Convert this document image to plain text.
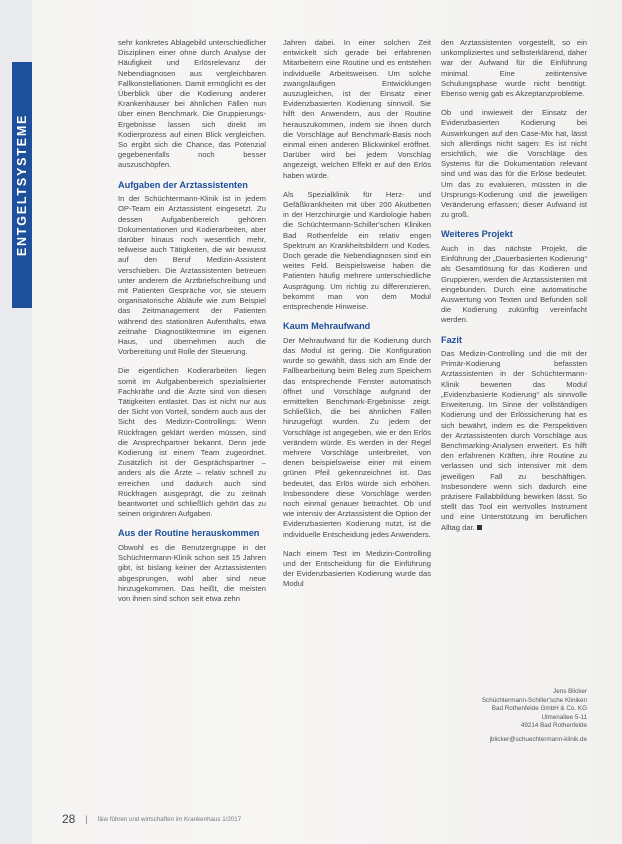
ENTGELTSYSTEME

sehr konkretes Ablagebild unterschiedlicher Disziplinen einer ohne durch Analyse der Häufigkeit und Erlösrelevanz der Nebendiagnosen aus vergleichbaren Fallkonstellationen. Damit ermöglicht es der Überblick über die Kodierung anderer Krankenhäuser bei ähnlichen Fällen nun über einen Benchmark. Die Gruppierungs-Ergebnisse lassen sich direkt im Kodierprozess auf einen Blick vergleichen. So ergibt sich die Chance, das Potenzial gegebenenfalls noch besser auszuschöpfen.

Aufgaben der Arztassistenten

In der Schüchtermann-Klinik ist in jedem OP-Team ein Arztassistent eingesetzt. Zu dessen Aufgabenbereich gehören Dokumentationen und Kodierarbeiten, aber darüber hinaus noch wesentlich mehr, teilweise auch Tätigkeiten, die wir bewusst auf den Beruf Medizin-Assistent verschieben. Die Arztassistenten betreuen unter anderem die Arztbriefschreibung und mit Patienten Gespräche vor, sie steuern organisatorische Abläufe wie zum Beispiel das Zeitmanagement der Patienten während des stationären Aufenthalts, etwa zeitnahe Diagnostiktermine im eigenen Haus, und übernehmen auch die Vorbereitung und Rolle der Steuerung.

Die eigentlichen Kodierarbeiten liegen somit im Aufgabenbereich spezialisierter Fachkräfte und die Ärzte sind von diesen Tätigkeiten entlastet. Das ist nicht nur aus der Sicht von Vorteil, sondern auch aus der Sicht des Medizin-Controllings: Wenn Rückfragen geklärt werden müssen, sind die Ansprechpartner bekannt. Denn jede Kodierung ist einem Team zugeordnet. Zusätzlich ist der Gesprächspartner – anders als die Ärzte – relativ schnell zu erreichen und dadurch auch sind Rückfragen ausgeprägt, die zu zeitnah beantwortet und schließlich gehört das zu seinen originären Aufgaben.

Aus der Routine herauskommen

Obwohl es die Benutzergruppe in der Schüchtermann-Klinik schon seit 15 Jahren gibt, ist bislang keiner der Arztassistenten abgesprungen, wohl aber sind neue hinzugekommen. Das heißt, die meisten von ihnen sind schon seit etwa zehn

Jahren dabei. In einer solchen Zeit entwickelt sich gerade bei erfahrenen Mitarbeitern eine Routine und es entstehen individuelle Arbeitsweisen. Um solche zwangsläufigen Entwicklungen auszugleichen, ist der Einsatz einer Evidenzbasierten Kodierung sinnvoll. Sie hilft den Anwendern, aus der Routine herauszukommen, indem sie ihnen durch die Vorschläge auf Benchmark-Basis noch einmal einen anderen Blickwinkel eröffnet. Darüber wird bei jedem Vorschlag angezeigt, welchen Effekt er auf den Erlös haben würde.

Als Spezialklinik für Herz- und Gefäßkrankheiten mit über 200 Akutbetten in der Herzchirurgie und Kardiologie haben die Schüchtermann-Schiller'schen Kliniken Bad Rothenfelde ein relativ engen Spektrum an Krankheitsbildern und Kodes. Doch gerade die Nebendiagnosen sind ein weites Feld. Beispielsweise haben die Patienten häufig mehrere unterschiedliche Ausprägung. Um richtig zu differenzieren, bekommt man von dem Modul entsprechende Hinweise.

Kaum Mehraufwand

Der Mehraufwand für die Kodierung durch das Modul ist gering. Die Konfiguration wurde so gewählt, dass sich am Ende der Fallbearbeitung beim Beleg zum Speichern das entsprechende Fenster automatisch öffnet und Vorschläge aufgrund der ermittelten Benchmark-Ergebnisse zeigt. Schließlich, die bei ähnlichen Fällen hinzugefügt wurden. Zu jedem der Vorschläge ist angegeben, wie er den Erlös verändern würde. Es werden in der Regel mehrere Vorschläge unterbreitet, von denen beispielsweise einer mit einem grünen Pfeil gekennzeichnet ist. Das bedeutet, das Erlös würde sich erhöhen. Insbesondere diese Vorschläge werden noch einmal genauer betrachtet. Ob und wie intensiv der Arztassistent die Option der Evidenzbasierten Kodierung nutzt, ist die individuelle Entscheidung jedes Anwenders.

Nach einem Test im Medizin-Controlling und der Entscheidung für die Einführung der Evidenzbasierten Kodierung wurde das Modul

den Arztassistenten vorgestellt, so ein unkompliziertes und selbsterklärend, daher war der Aufwand für die Einführung minimal. Eine zeitintensive Schulungsphase wurde nicht benötigt. Ebenso wenig gab es Akzeptanzprobleme.

Ob und inwieweit der Einsatz der Evidenzbasierten Kodierung bei Auswirkungen auf den Case-Mix hat, lässt sich allerdings nicht sagen: Es ist nicht ersichtlich, wie die Vorschläge des Systems für die Dokumentation relevant sind und was das für die Erlöse bedeutet. Um das zu evaluieren, müssten in die Ursprungs-Kodierung und die jeweiligen Veränderung erfassen; dieser Aufwand ist zu groß.

Weiteres Projekt

Auch in das nächste Projekt, die Einführung der „Dauerbasierten Kodierung“ als Gesamtlösung für das Kodieren und Gruppieren, werden die Arztassistenten mit eingebunden. Durch eine automatische Auswertung von Texten und Befunden soll die Kodierung zukünftig vereinfacht werden.

Fazit

Das Medizin-Controlling und die mit der Primär-Kodierung befassten Arztassistenten in der Schüchtermann-Klinik bewerten das Modul „Evidenzbasierte Kodierung“ als sinnvolle Erweiterung. Im Sinne der vollständigen Kodierung und der Erlössicherung hat es sich bewährt, indem es die Perspektiven der Arztassistenten durch Vorschläge aus Benchmarking-Analysen erweitert. Es hilft den erfahrenen Kräften, ihre Routine zu verlassen und sich intensiver mit dem jeweiligen Fall zu beschäftigen. Insbesondere wenn sich dadurch eine präzisere Fallabbildung bewirken lässt. So stellt das Tool ein wertvolles Instrument und eine Unterstützung im beruflichen Alltag dar.

Jens Blicker
Schüchtermann-Schiller'sche Kliniken
Bad Rothenfelde GmbH & Co. KG
Ulmenallee 5-11
49214 Bad Rothenfelde
jblicker@schuechtermann-klinik.de
28 | f&w führen und wirtschaften im Krankenhaus 1/2017
